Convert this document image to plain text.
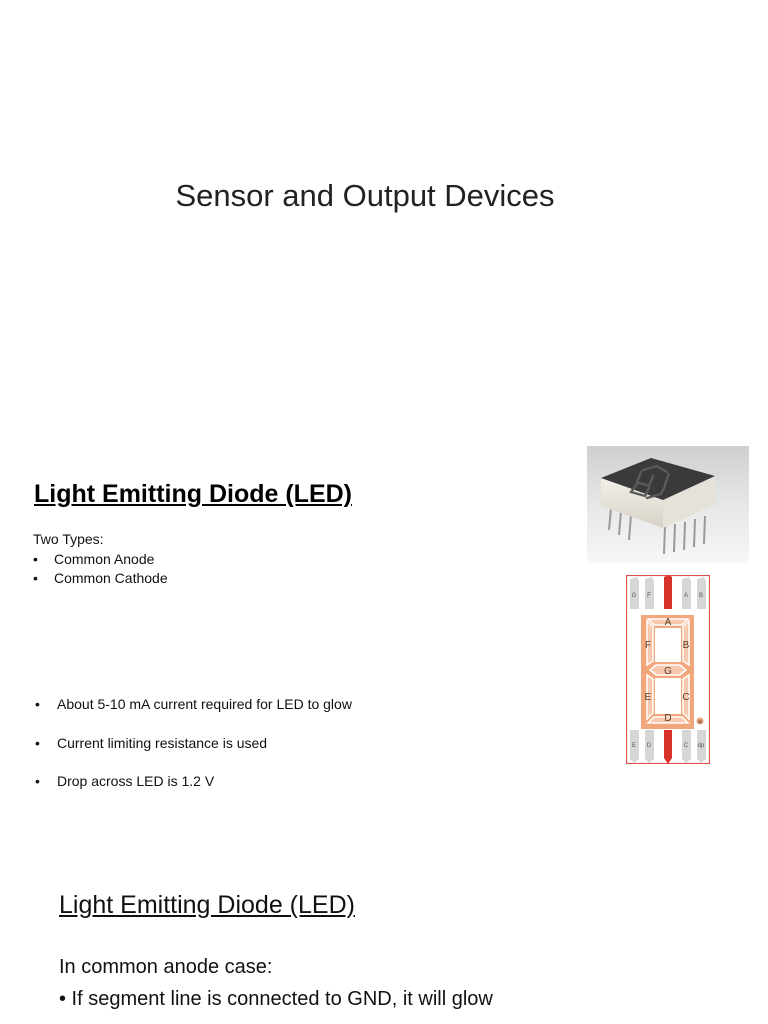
Sensor and Output Devices
Light Emitting Diode (LED)
Two Types:
• Common Anode
• Common Cathode
• About 5-10 mA current required for LED to glow
• Current limiting resistance is used
• Drop across LED is 1.2 V
G F	A B
E D	C dp
A
B
C
D
E
F
G
dp
Light Emitting Diode (LED)
In common anode case:
• If segment line is connected to GND, it will glow
